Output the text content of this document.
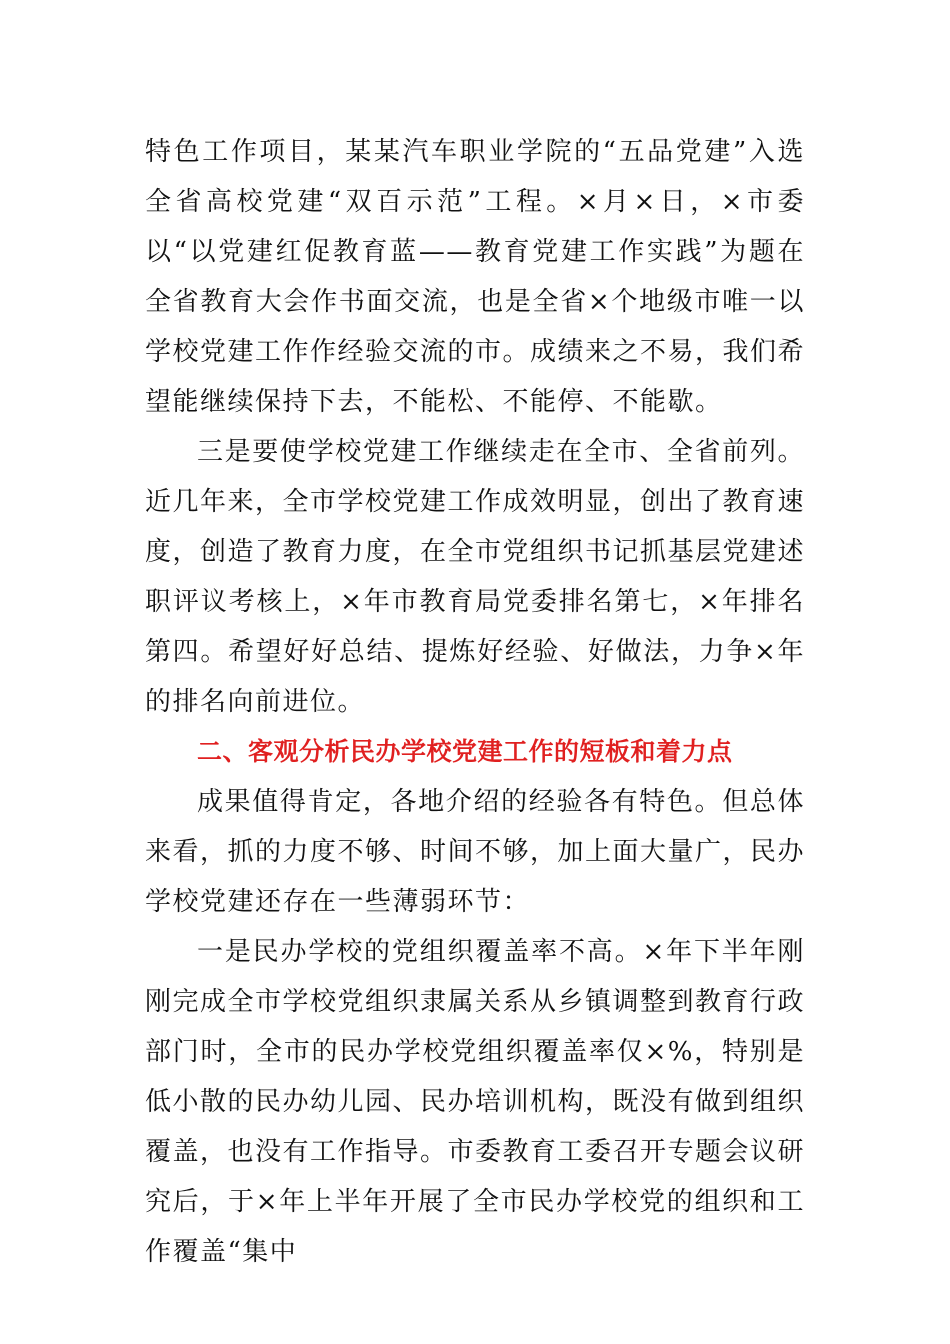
特色工作项目，某某汽车职业学院的“五品党建”入选全省高校党建“双百示范”工程。×月×日，×市委以“以党建红促教育蓝——教育党建工作实践”为题在全省教育大会作书面交流，也是全省×个地级市唯一以学校党建工作作经验交流的市。成绩来之不易，我们希望能继续保持下去，不能松、不能停、不能歇。

三是要使学校党建工作继续走在全市、全省前列。近几年来，全市学校党建工作成效明显，创出了教育速度，创造了教育力度，在全市党组织书记抓基层党建述职评议考核上，×年市教育局党委排名第七，×年排名第四。希望好好总结、提炼好经验、好做法，力争×年的排名向前进位。

二、客观分析民办学校党建工作的短板和着力点

成果值得肯定，各地介绍的经验各有特色。但总体来看，抓的力度不够、时间不够，加上面大量广，民办学校党建还存在一些薄弱环节：

一是民办学校的党组织覆盖率不高。×年下半年刚刚完成全市学校党组织隶属关系从乡镇调整到教育行政部门时，全市的民办学校党组织覆盖率仅×%，特别是低小散的民办幼儿园、民办培训机构，既没有做到组织覆盖，也没有工作指导。市委教育工委召开专题会议研究后，于×年上半年开展了全市民办学校党的组织和工作覆盖“集中
